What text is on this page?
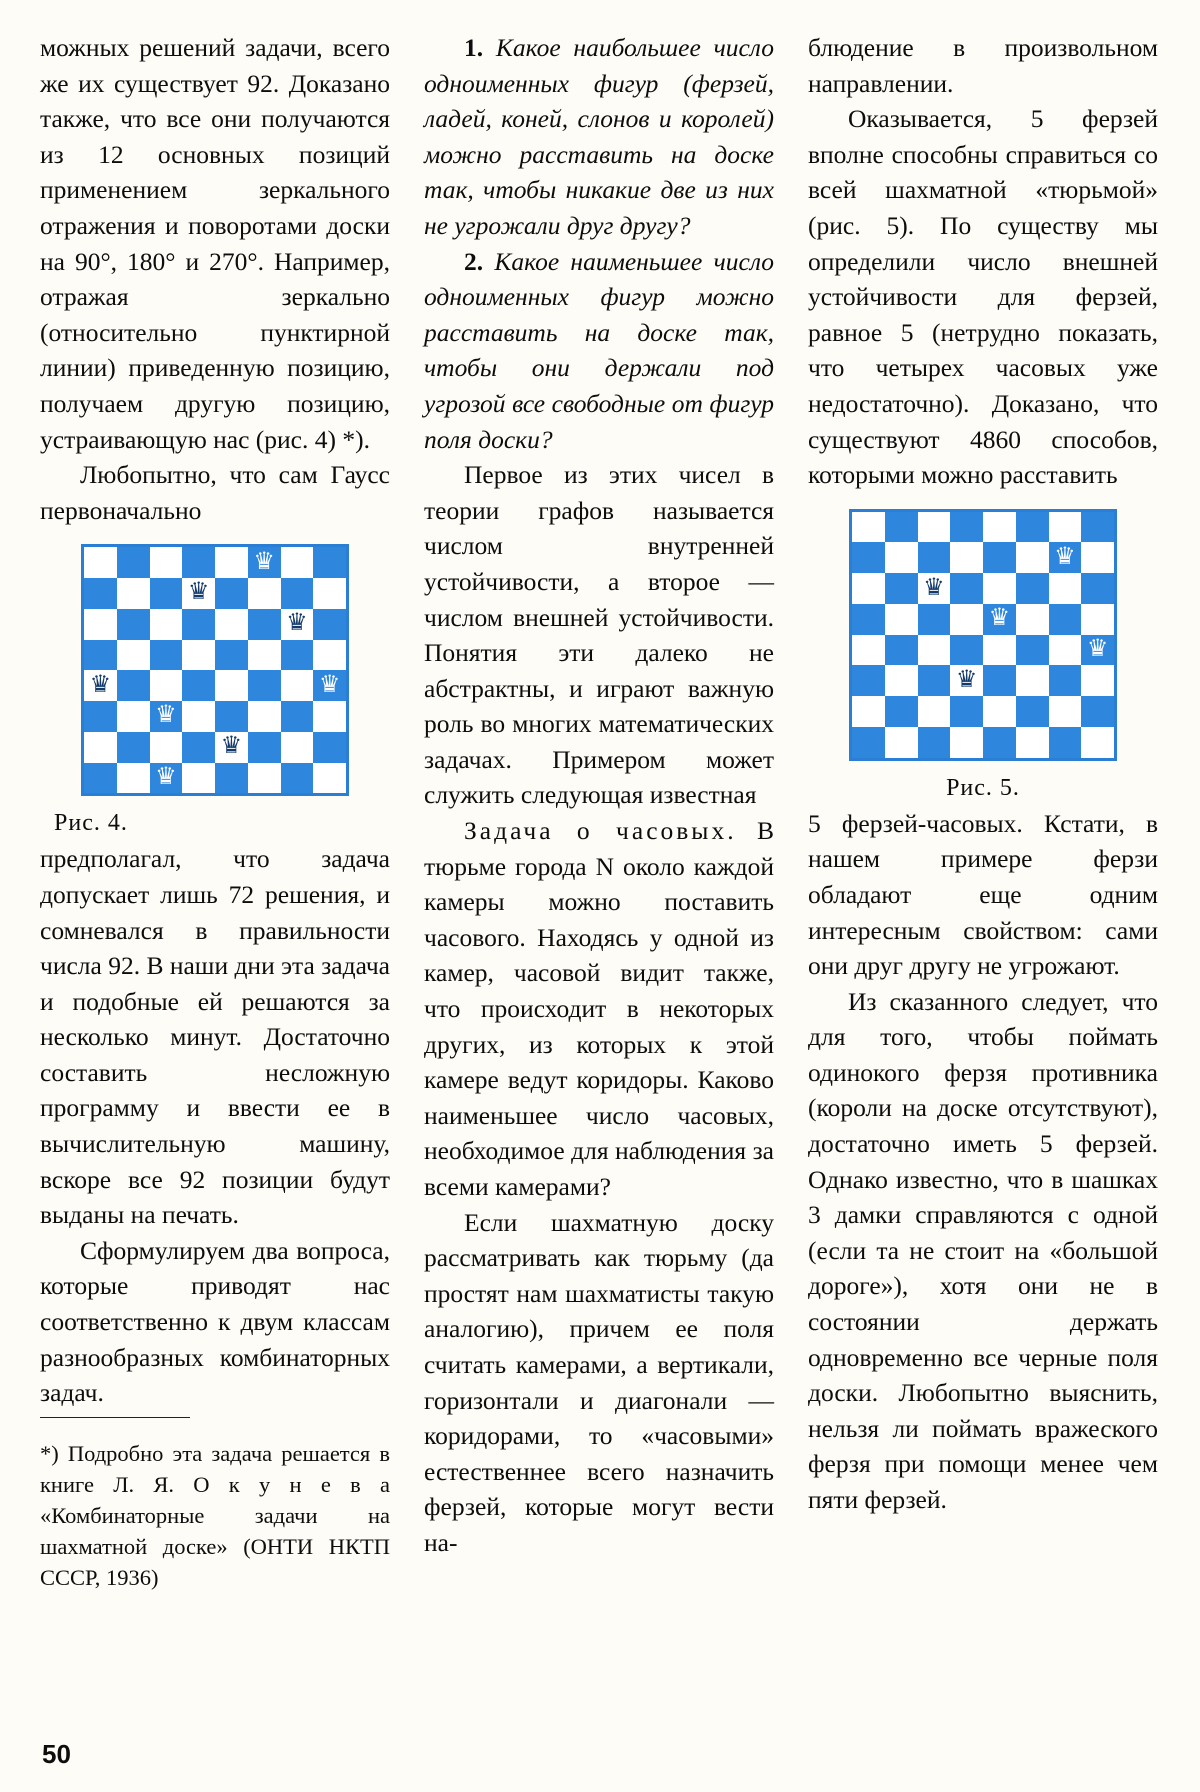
можных решений задачи, всего же их существует 92. Доказано также, что все они получаются из 12 основных позиций применением зеркального отражения и поворотами доски на 90°, 180° и 270°. Например, отражая зеркально (относительно пунктирной линии) приведенную позицию, получаем другую позицию, устраивающую нас (рис. 4) *).

Любопытно, что сам Гаусс первоначально

♛
♛
♛
♛	♛
♛
♛
♛
Рис. 4.

предполагал, что задача допускает лишь 72 решения, и сомневался в правильности числа 92. В наши дни эта задача и подобные ей решаются за несколько минут. Достаточно составить несложную программу и ввести ее в вычислительную машину, вскоре все 92 позиции будут выданы на печать.

Сформулируем два вопроса, которые приводят нас соответственно к двум классам разнообразных комбинаторных задач.

*) Подробно эта задача решается в книге Л. Я. О к у н е в а «Комбинаторные задачи на шахматной доске» (ОНТИ НКТП СССР, 1936)

1. Какое наибольшее число одноименных фигур (ферзей, ладей, коней, слонов и королей) можно расставить на доске так, чтобы никакие две из них не угрожали друг другу?

2. Какое наименьшее число одноименных фигур можно расставить на доске так, чтобы они держали под угрозой все свободные от фигур поля доски?

Первое из этих чисел в теории графов называется числом внутренней устойчивости, а второе — числом внешней устойчивости. Понятия эти далеко не абстрактны, и играют важную роль во многих математических задачах. Примером может служить следующая известная

Задача о часовых. В тюрьме города N около каждой камеры можно поставить часового. Находясь у одной из камер, часовой видит также, что происходит в некоторых других, из которых к этой камере ведут коридоры. Каково наименьшее число часовых, необходимое для наблюдения за всеми камерами?

Если шахматную доску рассматривать как тюрьму (да простят нам шахматисты такую аналогию), причем ее поля считать камерами, а вертикали, горизонтали и диагонали — коридорами, то «часовыми» естественнее всего назначить ферзей, которые могут вести на-

блюдение в произвольном направлении.

Оказывается, 5 ферзей вполне способны справиться со всей шахматной «тюрьмой» (рис. 5). По существу мы определили число внешней устойчивости для ферзей, равное 5 (нетрудно показать, что четырех часовых уже недостаточно). Доказано, что существуют 4860 способов, которыми можно расставить

♛
♛
♛
♛
♛
Рис. 5.

5 ферзей-часовых. Кстати, в нашем примере ферзи обладают еще одним интересным свойством: сами они друг другу не угрожают.

Из сказанного следует, что для того, чтобы поймать одинокого ферзя противника (короли на доске отсутствуют), достаточно иметь 5 ферзей. Однако известно, что в шашках 3 дамки справляются с одной (если та не стоит на «большой дороге»), хотя они не в состоянии держать одновременно все черные поля доски. Любопытно выяснить, нельзя ли поймать вражеского ферзя при помощи менее чем пяти ферзей.

50
